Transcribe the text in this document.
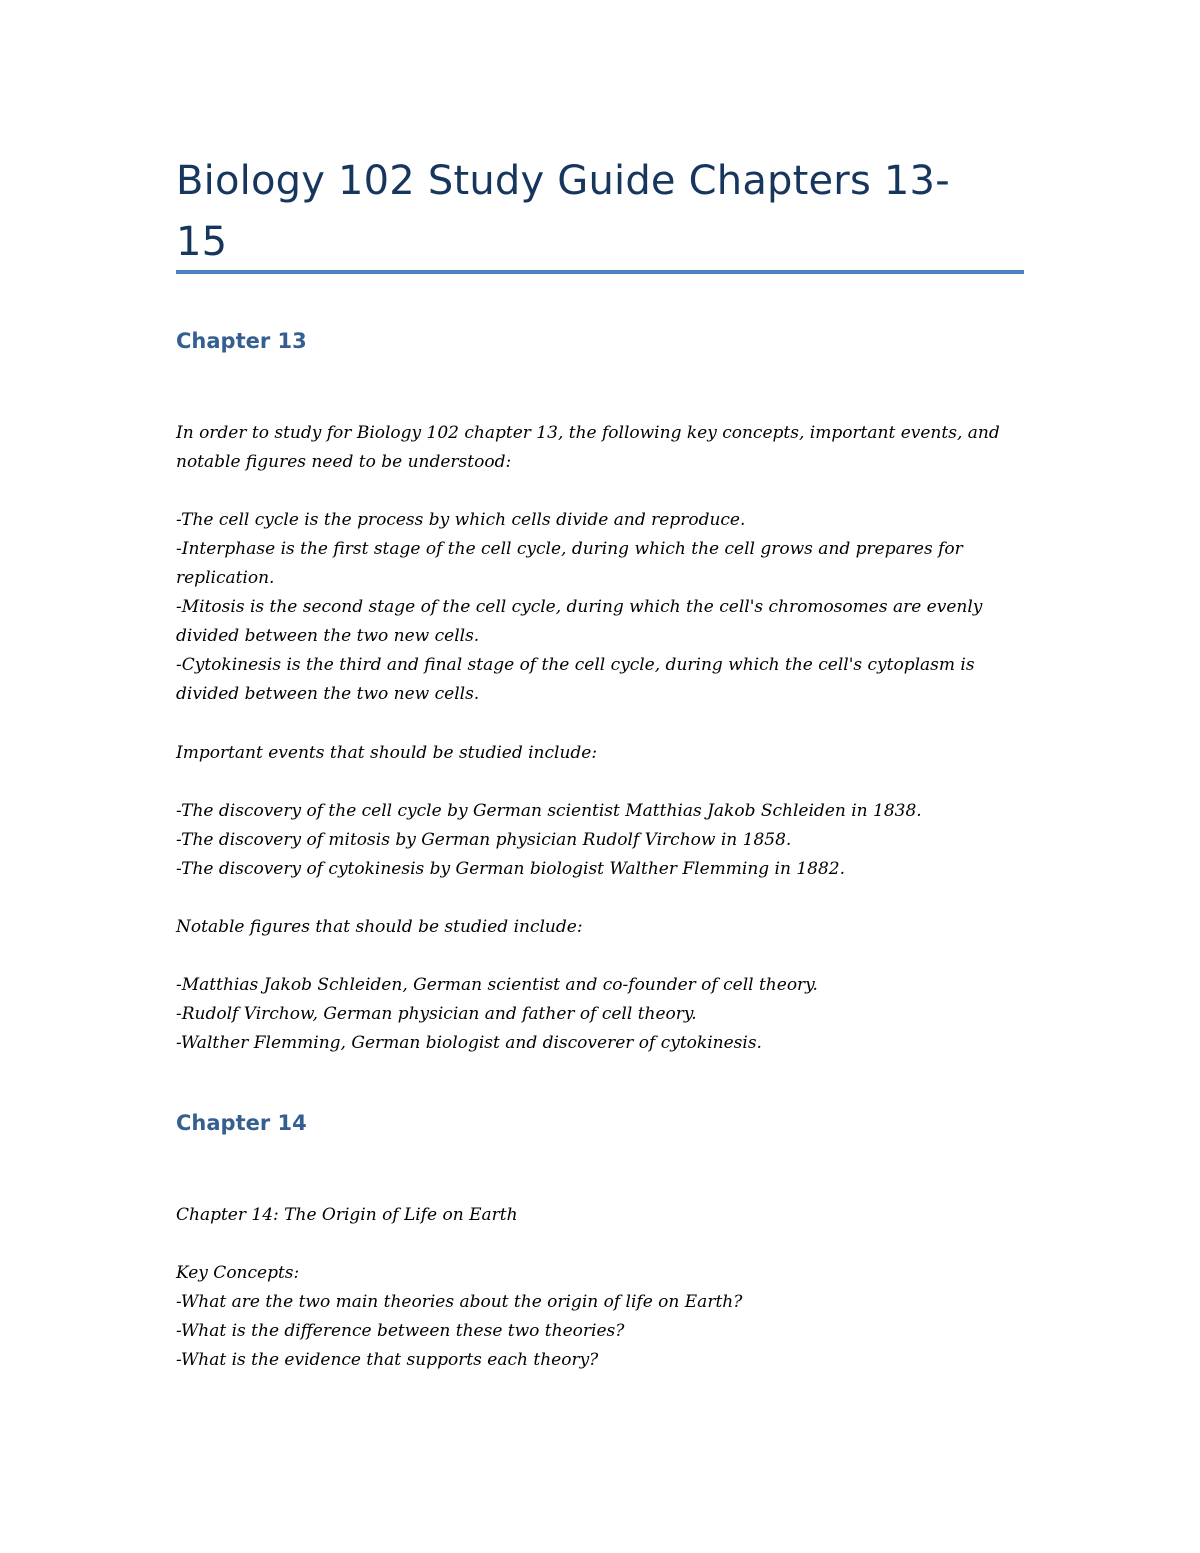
Biology 102 Study Guide Chapters 13-
15
Chapter 13

In order to study for Biology 102 chapter 13, the following key concepts, important events, and

notable figures need to be understood:

-The cell cycle is the process by which cells divide and reproduce.

-Interphase is the first stage of the cell cycle, during which the cell grows and prepares for

replication.

-Mitosis is the second stage of the cell cycle, during which the cell's chromosomes are evenly

divided between the two new cells.

-Cytokinesis is the third and final stage of the cell cycle, during which the cell's cytoplasm is

divided between the two new cells.

Important events that should be studied include:

-The discovery of the cell cycle by German scientist Matthias Jakob Schleiden in 1838.

-The discovery of mitosis by German physician Rudolf Virchow in 1858.

-The discovery of cytokinesis by German biologist Walther Flemming in 1882.

Notable figures that should be studied include:

-Matthias Jakob Schleiden, German scientist and co-founder of cell theory.

-Rudolf Virchow, German physician and father of cell theory.

-Walther Flemming, German biologist and discoverer of cytokinesis.

Chapter 14

Chapter 14: The Origin of Life on Earth

Key Concepts:

-What are the two main theories about the origin of life on Earth?

-What is the difference between these two theories?

-What is the evidence that supports each theory?
